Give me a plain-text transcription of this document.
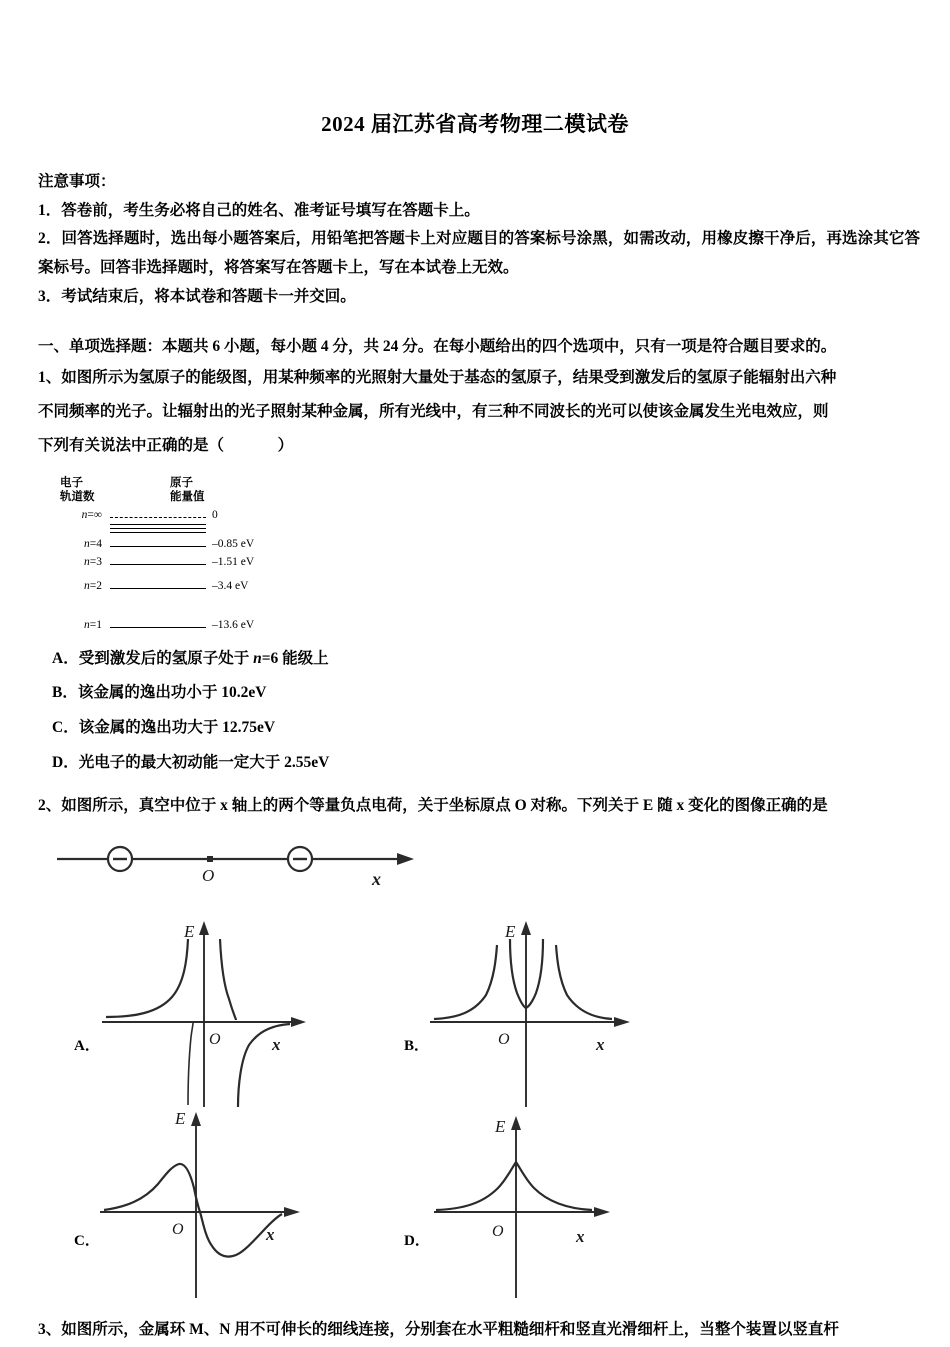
2024 届江苏省高考物理二模试卷
注意事项：
1．答卷前，考生务必将自己的姓名、准考证号填写在答题卡上。
2．回答选择题时，选出每小题答案后，用铅笔把答题卡上对应题目的答案标号涂黑，如需改动，用橡皮擦干净后，再选涂其它答案标号。回答非选择题时，将答案写在答题卡上，写在本试卷上无效。
3．考试结束后，将本试卷和答题卡一并交回。
一、单项选择题：本题共 6 小题，每小题 4 分，共 24 分。在每小题给出的四个选项中，只有一项是符合题目要求的。
1、如图所示为氢原子的能级图，用某种频率的光照射大量处于基态的氢原子，结果受到激发后的氢原子能辐射出六种
不同频率的光子。让辐射出的光子照射某种金属，所有光线中，有三种不同波长的光可以使该金属发生光电效应，则
下列有关说法中正确的是（	）
电子
轨道数
原子
能量值
n=∞	0
n=4	–0.85 eV
n=3	–1.51 eV
n=2	–3.4 eV
n=1	–13.6 eV
A．受到激发后的氢原子处于 n=6 能级上
B．该金属的逸出功小于 10.2eV
C．该金属的逸出功大于 12.75eV
D．光电子的最大初动能一定大于 2.55eV
2、如图所示，真空中位于 x 轴上的两个等量负点电荷，关于坐标原点 O 对称。下列关于 E 随 x 变化的图像正确的是
O	x
A．
E
O	x	B．
E
O	x
C．
E
O	x	D．
E
O	x
3、如图所示，金属环 M、N 用不可伸长的细线连接，分别套在水平粗糙细杆和竖直光滑细杆上，当整个装置以竖直杆
